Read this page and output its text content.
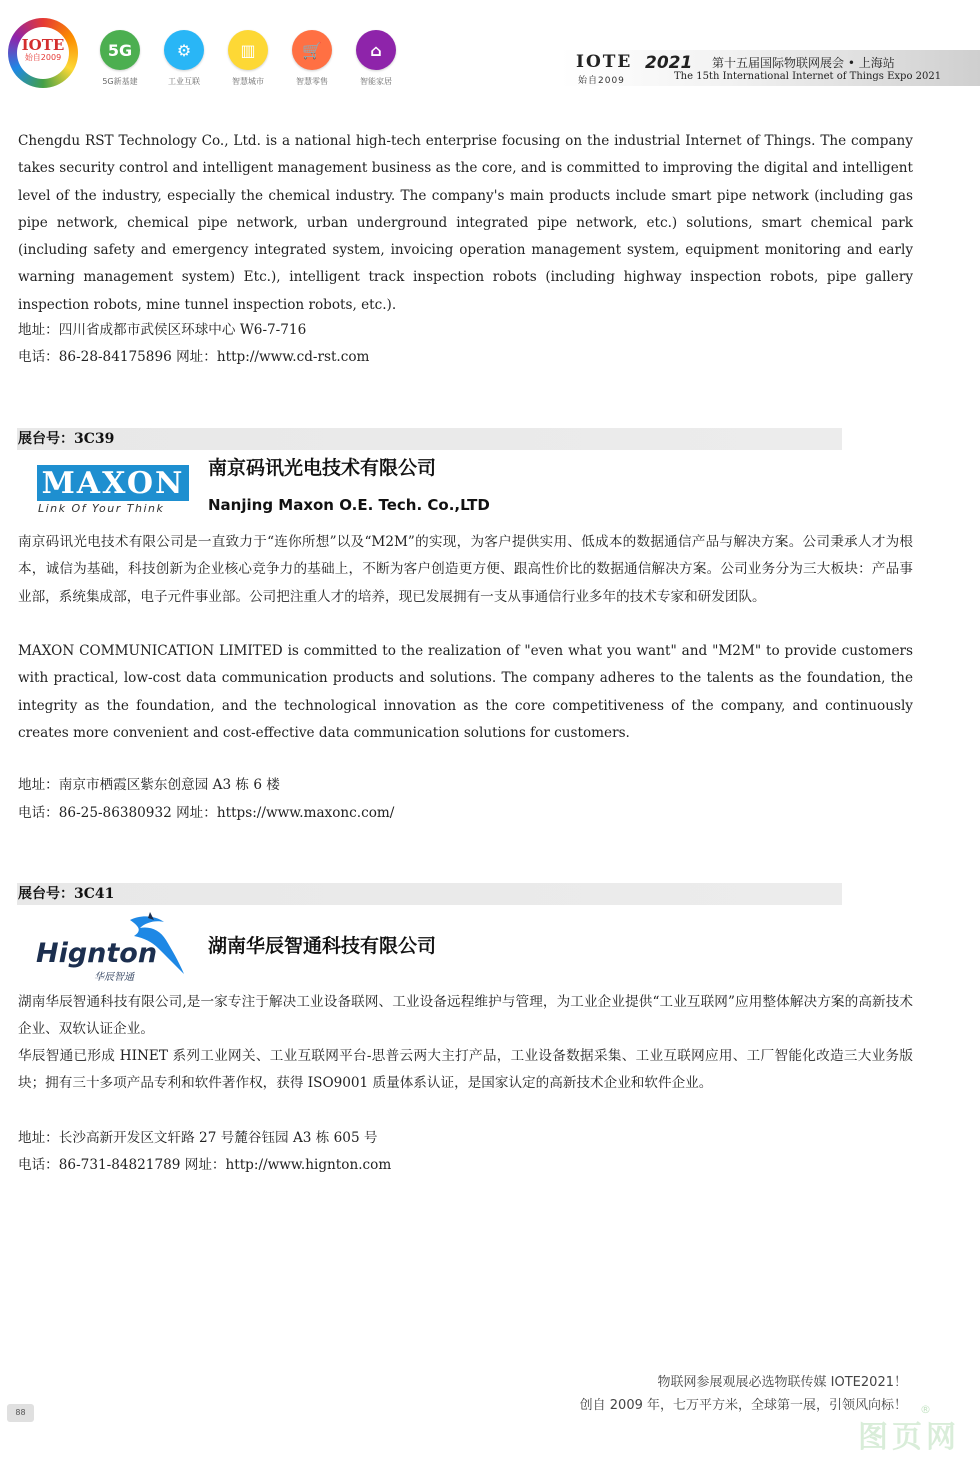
IOTE
始自2009	5G
5G新基建
⚙
工业互联
▥
智慧城市
🛒
智慧零售
⌂
智能家居
IOTE
始自2009
2021 第十五届国际物联网展会 • 上海站
The 15th International Internet of Things Expo 2021
Chengdu RST Technology Co., Ltd. is a national high-tech enterprise focusing on the industrial Internet of Things. The company takes security control and intelligent management business as the core, and is committed to improving the digital and intelligent level of the industry, especially the chemical industry. The company's main products include smart pipe network (including gas pipe network, chemical pipe network, urban underground integrated pipe network, etc.) solutions, smart chemical park (including safety and emergency integrated system, invoicing operation management system, equipment monitoring and early warning management system) Etc.), intelligent track inspection robots (including highway inspection robots, pipe gallery inspection robots, mine tunnel inspection robots, etc.).
地址：四川省成都市武侯区环球中心 W6-7-716
电话：86-28-84175896 网址：http://www.cd-rst.com
展台号：3C39
MAXON
Link Of Your Think
南京码讯光电技术有限公司
Nanjing Maxon O.E. Tech. Co.,LTD
南京码讯光电技术有限公司是一直致力于“连你所想”以及“M2M”的实现，为客户提供实用、低成本的数据通信产品与解决方案。公司秉承人才为根本，诚信为基础，科技创新为企业核心竞争力的基础上，不断为客户创造更方便、跟高性价比的数据通信解决方案。公司业务分为三大板块：产品事业部，系统集成部，电子元件事业部。公司把注重人才的培养，现已发展拥有一支从事通信行业多年的技术专家和研发团队。
MAXON COMMUNICATION LIMITED is committed to the realization of "even what you want" and "M2M" to provide customers with practical, low-cost data communication products and solutions. The company adheres to the talents as the foundation, the integrity as the foundation, and the technological innovation as the core competitiveness of the company, and continuously creates more convenient and cost-effective data communication solutions for customers.
地址：南京市栖霞区紫东创意园 A3 栋 6 楼
电话：86-25-86380932 网址：https://www.maxonc.com/
展台号：3C41
Hignton
华辰智通
湖南华辰智通科技有限公司
湖南华辰智通科技有限公司,是一家专注于解决工业设备联网、工业设备远程维护与管理，为工业企业提供“工业互联网”应用整体解决方案的高新技术企业、双软认证企业。
华辰智通已形成 HINET 系列工业网关、工业互联网平台-思普云两大主打产品，工业设备数据采集、工业互联网应用、工厂智能化改造三大业务版块；拥有三十多项产品专利和软件著作权，获得 ISO9001 质量体系认证，是国家认定的高新技术企业和软件企业。
地址：长沙高新开发区文轩路 27 号麓谷钰园 A3 栋 605 号
电话：86-731-84821789 网址：http://www.hignton.com
物联网参展观展必选物联传媒 IOTE2021！
创自 2009 年，七万平方米，全球第一展，引领风向标！
88
图页网
®
